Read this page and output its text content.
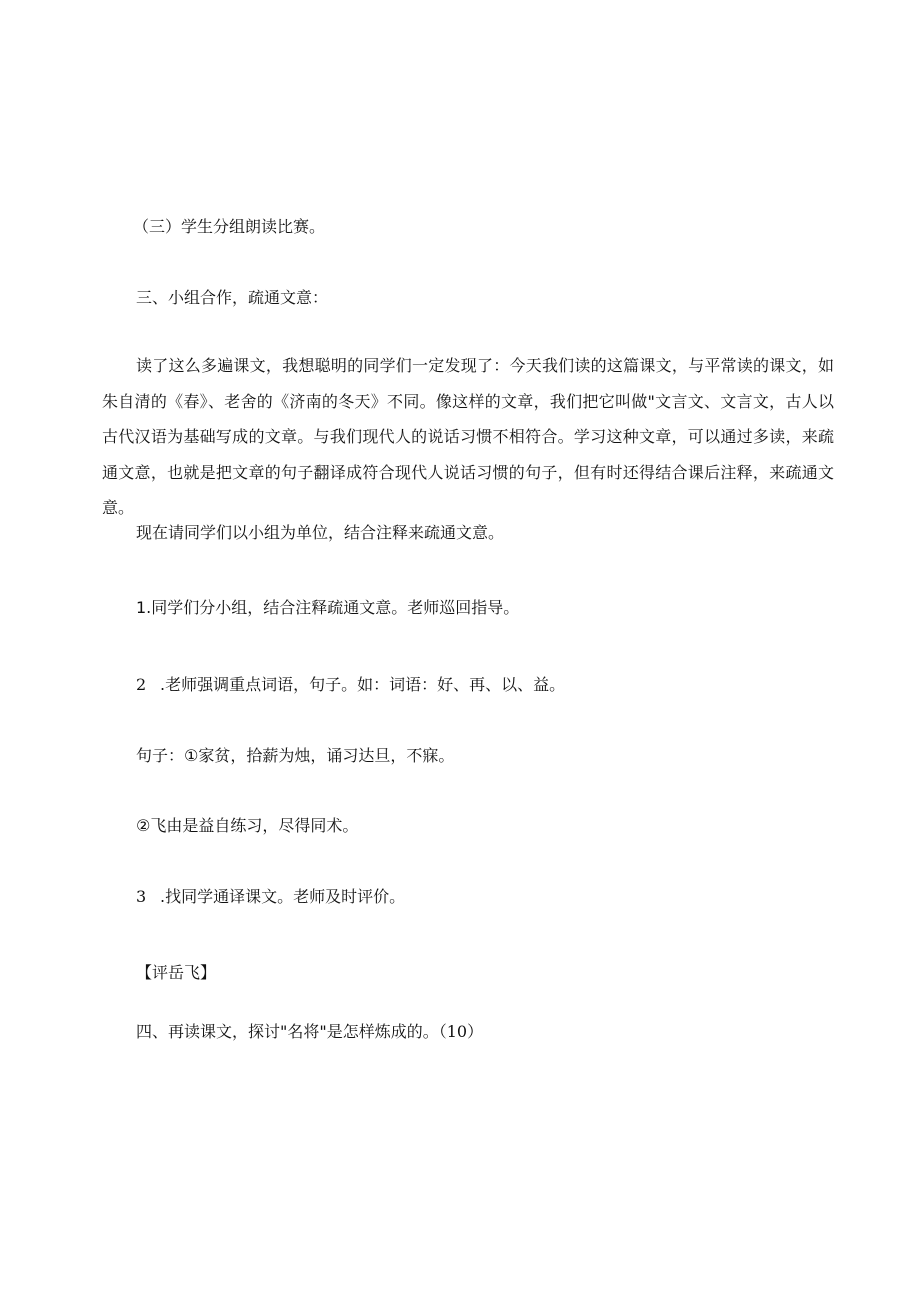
（三）学生分组朗读比赛。
三、小组合作，疏通文意：
读了这么多遍课文，我想聪明的同学们一定发现了：今天我们读的这篇课文，与平常读的课文，如朱自清的《春》、老舍的《济南的冬天》不同。像这样的文章，我们把它叫做"文言文、文言文，古人以古代汉语为基础写成的文章。与我们现代人的说话习惯不相符合。学习这种文章，可以通过多读，来疏通文意，也就是把文章的句子翻译成符合现代人说话习惯的句子，但有时还得结合课后注释，来疏通文意。
现在请同学们以小组为单位，结合注释来疏通文意。
1.同学们分小组，结合注释疏通文意。老师巡回指导。
2 .老师强调重点词语，句子。如：词语：好、再、以、益。
句子：①家贫，拾薪为烛，诵习达旦，不寐。
②飞由是益自练习，尽得同术。
3 .找同学通译课文。老师及时评价。
【评岳飞】
四、再读课文，探讨"名将"是怎样炼成的。（10）
